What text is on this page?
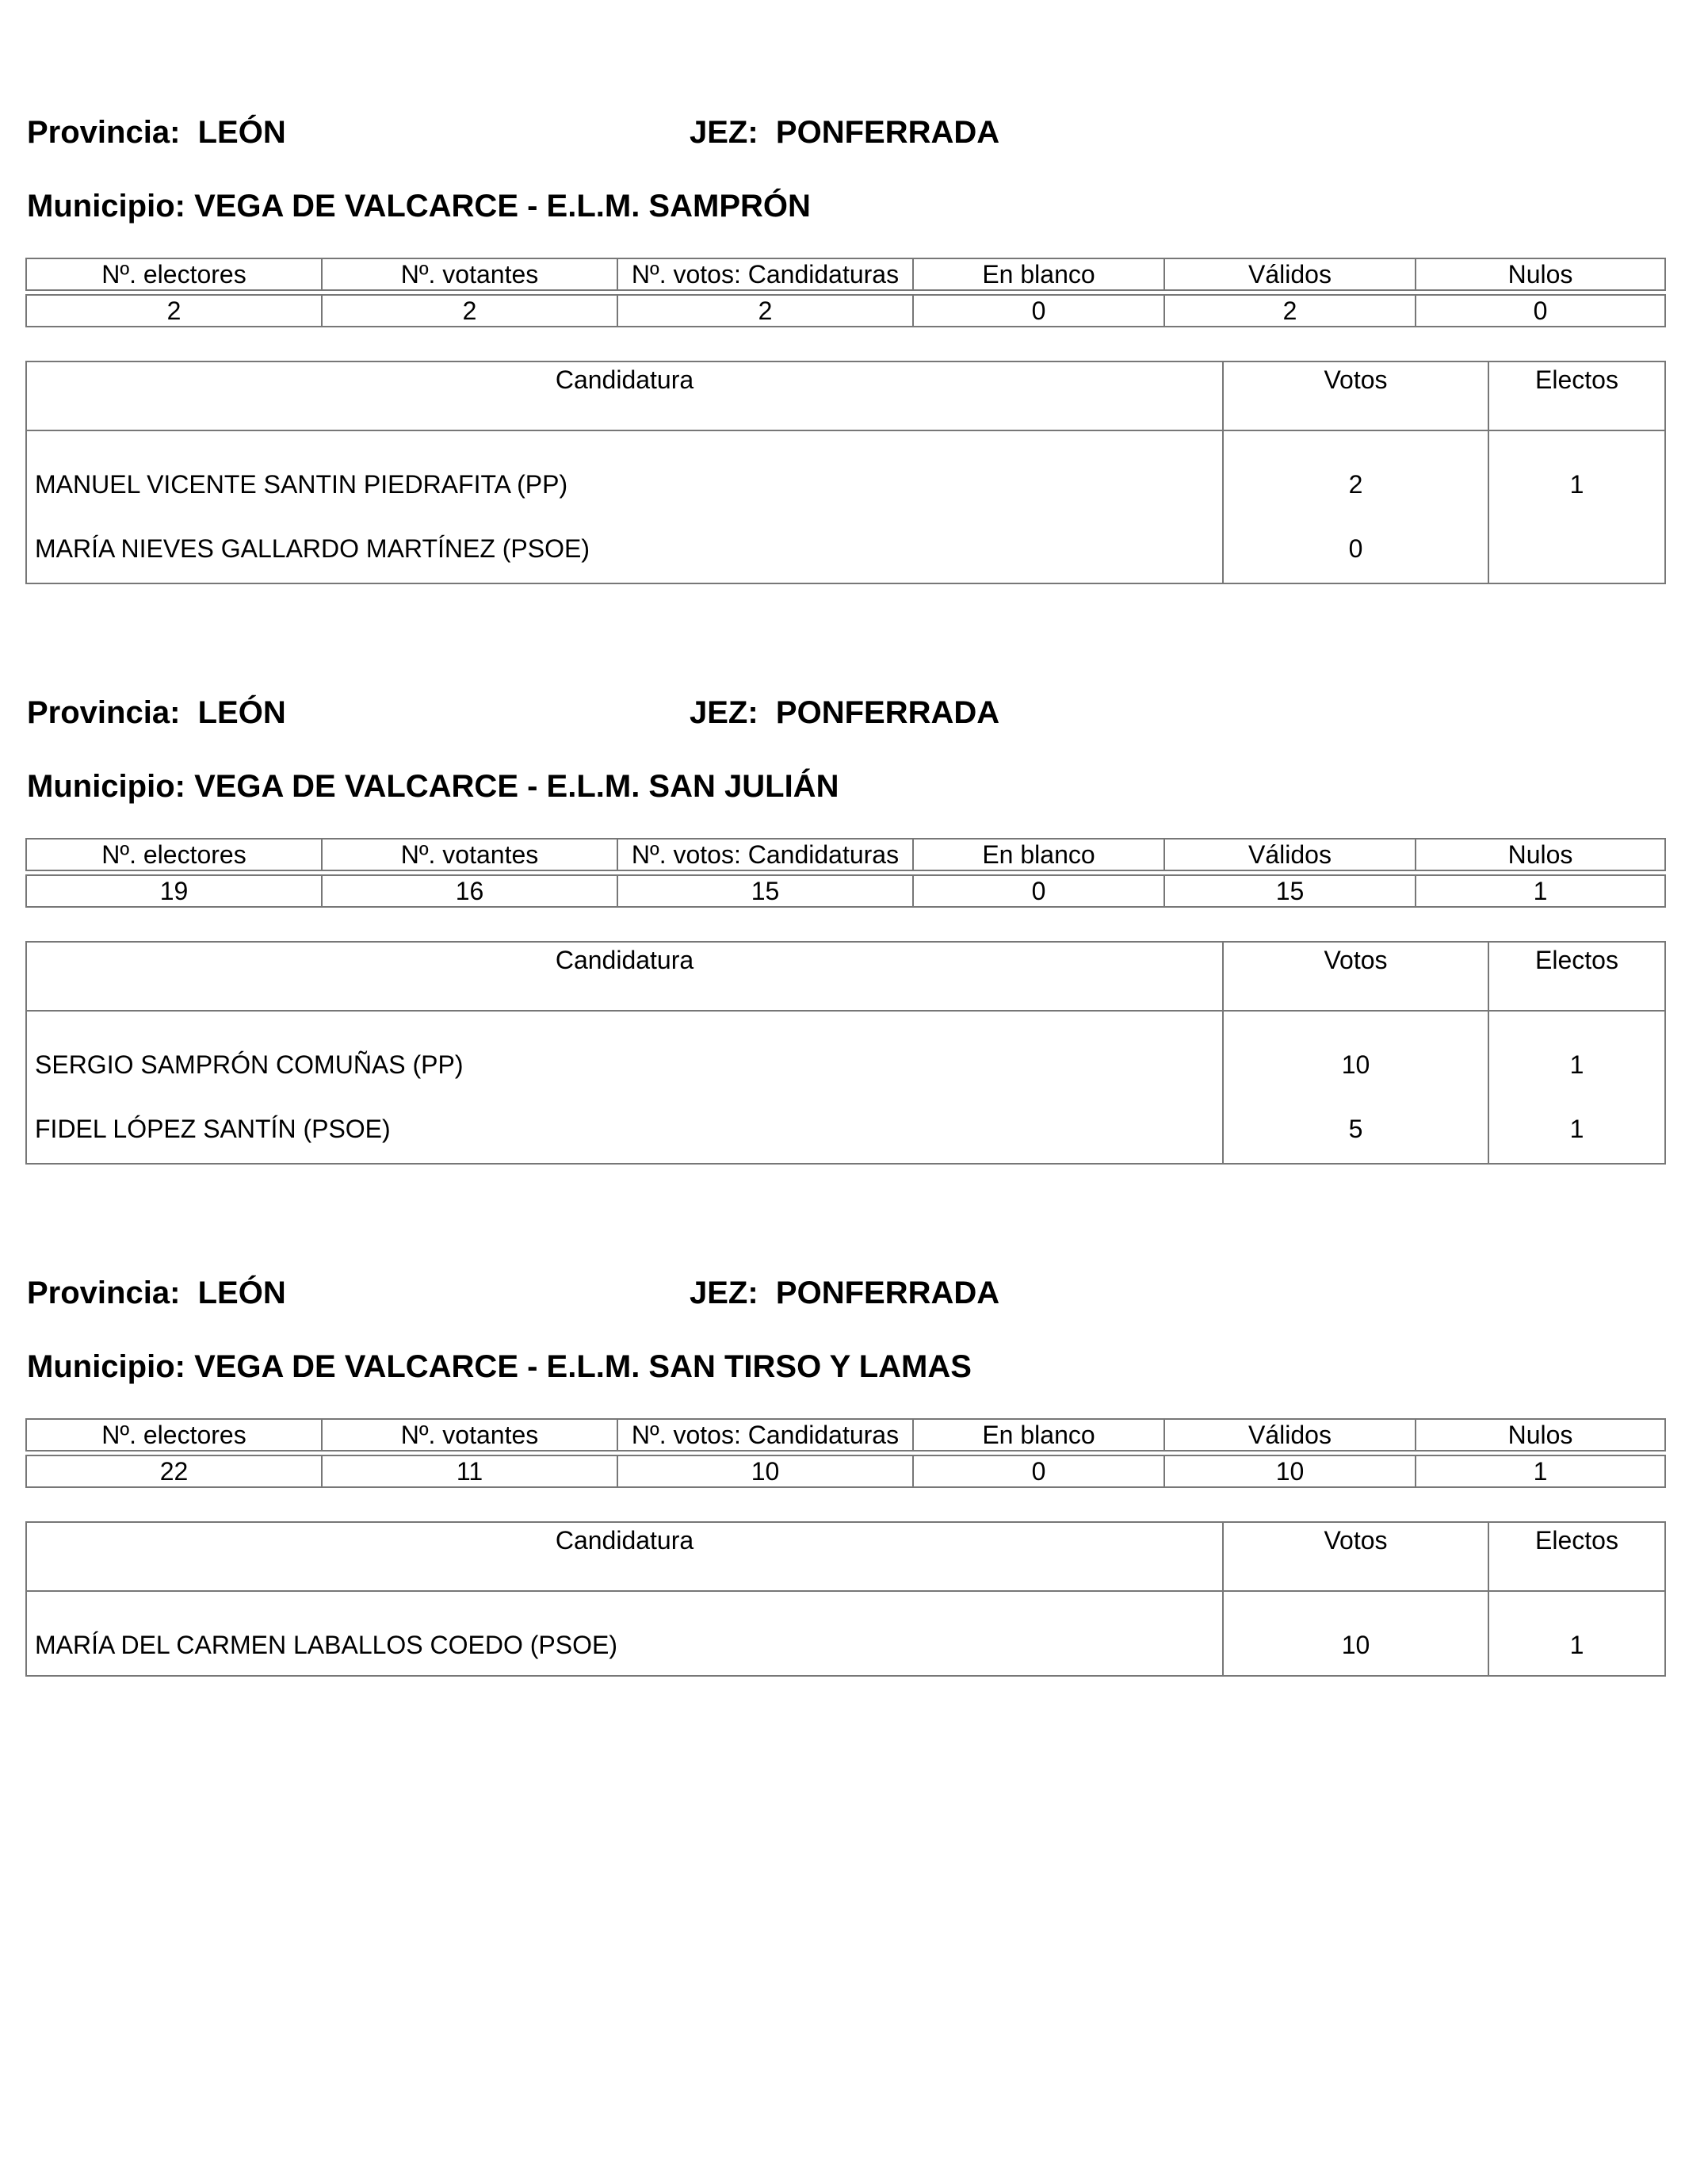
Provincia:  LEÓN	JEZ:  PONFERRADA
Municipio: VEGA DE VALCARCE - E.L.M. SAMPRÓN
Nº. electores	Nº. votantes	Nº. votos: Candidaturas	En blanco	Válidos	Nulos

2	2	2	0	2	0
Candidatura	Votos	Electos
MANUEL VICENTE SANTIN PIEDRAFITA (PP)	2	1
MARÍA NIEVES GALLARDO MARTÍNEZ (PSOE)	0	
Provincia:  LEÓN	JEZ:  PONFERRADA
Municipio: VEGA DE VALCARCE - E.L.M. SAN JULIÁN
Nº. electores	Nº. votantes	Nº. votos: Candidaturas	En blanco	Válidos	Nulos

19	16	15	0	15	1
Candidatura	Votos	Electos
SERGIO SAMPRÓN COMUÑAS (PP)	10	1
FIDEL LÓPEZ SANTÍN (PSOE)	5	1
Provincia:  LEÓN	JEZ:  PONFERRADA
Municipio: VEGA DE VALCARCE - E.L.M. SAN TIRSO Y LAMAS
Nº. electores	Nº. votantes	Nº. votos: Candidaturas	En blanco	Válidos	Nulos

22	11	10	0	10	1
Candidatura	Votos	Electos
MARÍA DEL CARMEN LABALLOS COEDO (PSOE)	10	1
